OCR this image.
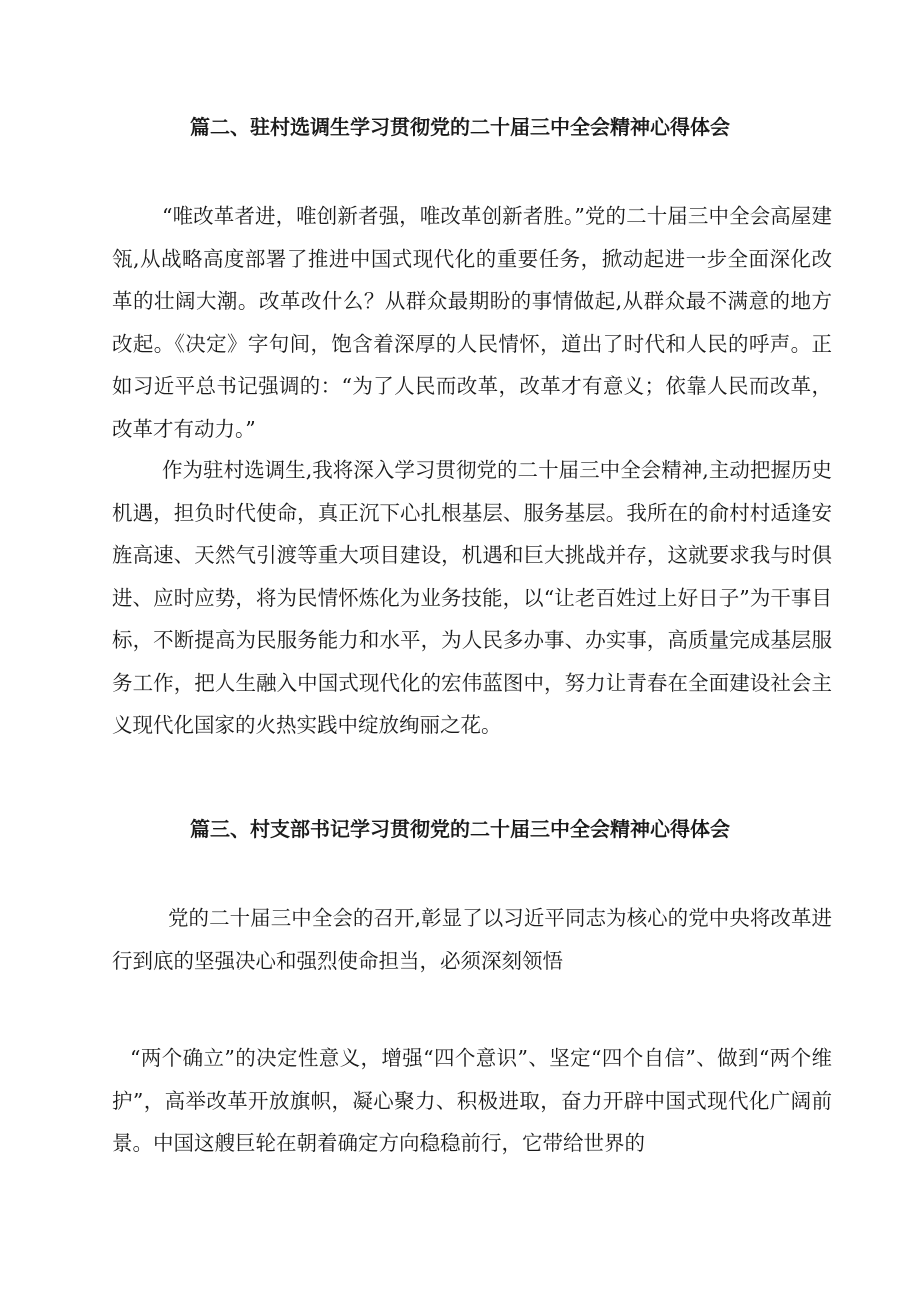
篇二、驻村选调生学习贯彻党的二十届三中全会精神心得体会

“唯改革者进，唯创新者强，唯改革创新者胜。”党的二十届三中全会高屋建瓴,从战略高度部署了推进中国式现代化的重要任务，掀动起进一步全面深化改革的壮阔大潮。改革改什么？从群众最期盼的事情做起,从群众最不满意的地方改起。《决定》字句间，饱含着深厚的人民情怀，道出了时代和人民的呼声。正如习近平总书记强调的：“为了人民而改革，改革才有意义；依靠人民而改革，改革才有动力。”

作为驻村选调生,我将深入学习贯彻党的二十届三中全会精神,主动把握历史机遇，担负时代使命，真正沉下心扎根基层、服务基层。我所在的俞村村适逢安旌高速、天然气引渡等重大项目建设，机遇和巨大挑战并存，这就要求我与时俱进、应时应势，将为民情怀炼化为业务技能，以“让老百姓过上好日子”为干事目标，不断提高为民服务能力和水平，为人民多办事、办实事，高质量完成基层服务工作，把人生融入中国式现代化的宏伟蓝图中，努力让青春在全面建设社会主义现代化国家的火热实践中绽放绚丽之花。

篇三、村支部书记学习贯彻党的二十届三中全会精神心得体会

党的二十届三中全会的召开,彰显了以习近平同志为核心的党中央将改革进行到底的坚强决心和强烈使命担当，必须深刻领悟

“两个确立”的决定性意义，增强“四个意识”、坚定“四个自信”、做到“两个维护”，高举改革开放旗帜，凝心聚力、积极进取，奋力开辟中国式现代化广阔前景。中国这艘巨轮在朝着确定方向稳稳前行，它带给世界的
